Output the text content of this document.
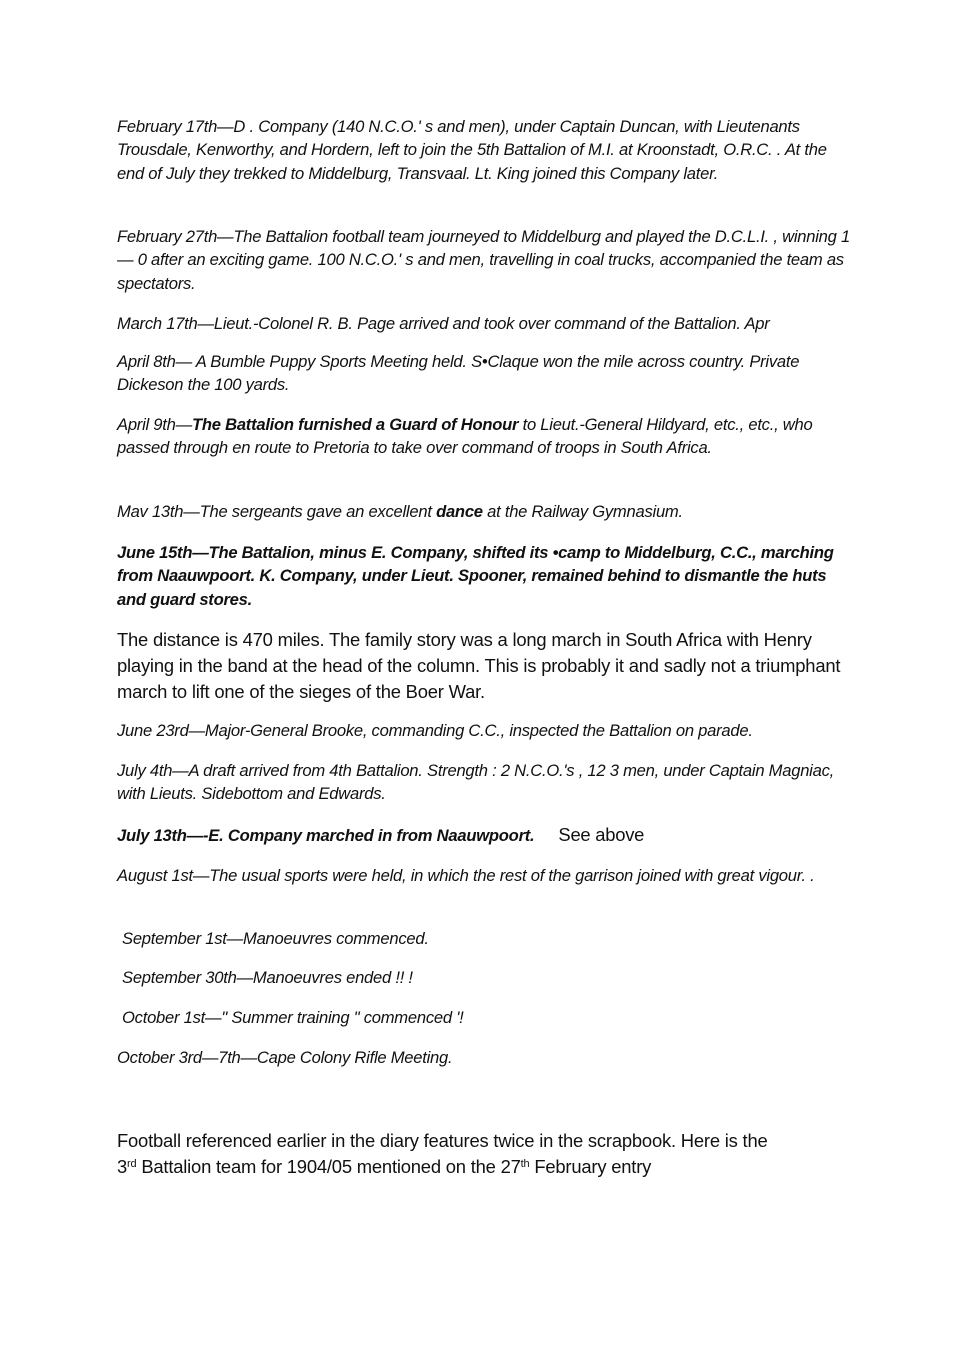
February 17th—D . Company (140 N.C.O.' s and men), under Captain Duncan, with Lieutenants Trousdale, Kenworthy, and Hordern, left to join the 5th Battalion of M.I. at Kroonstadt, O.R.C. . At the end of July they trekked to Middelburg, Transvaal. Lt. King joined this Company later.

February 27th—The Battalion football team journeyed to Middelburg and played the D.C.L.I. , winning 1— 0 after an exciting game. 100 N.C.O.' s and men, travelling in coal trucks, accompanied the team as spectators.

March 17th—Lieut.-Colonel R. B. Page arrived and took over command of the Battalion. Apr

April 8th— A Bumble Puppy Sports Meeting held. S•Claque won the mile across country. Private Dickeson the 100 yards.

April 9th—The Battalion furnished a Guard of Honour to Lieut.-General Hildyard, etc., etc., who passed through en route to Pretoria to take over command of troops in South Africa.

Mav 13th—The sergeants gave an excellent dance at the Railway Gymnasium.

June 15th—The Battalion, minus E. Company, shifted its •camp to Middelburg, C.C., marching from Naauwpoort. K. Company, under Lieut. Spooner, remained behind to dismantle the huts and guard stores.

The distance is 470 miles. The family story was a long march in South Africa with Henry playing in the band at the head of the column. This is probably it and sadly not a triumphant march to lift one of the sieges of the Boer War.

June 23rd—Major-General Brooke, commanding C.C., inspected the Battalion on parade.

July 4th—A draft arrived from 4th Battalion. Strength : 2 N.C.O.'s , 12 3 men, under Captain Magniac, with Lieuts. Sidebottom and Edwards.

July 13th—-E. Company marched in from Naauwpoort. See above

August 1st—The usual sports were held, in which the rest of the garrison joined with great vigour. .

September 1st—Manoeuvres commenced.

September 30th—Manoeuvres ended !! !

October 1st—" Summer training " commenced '!

October 3rd—7th—Cape Colony Rifle Meeting.

Football referenced earlier in the diary features twice in the scrapbook. Here is the
3rd Battalion team for 1904/05 mentioned on the 27th February entry
